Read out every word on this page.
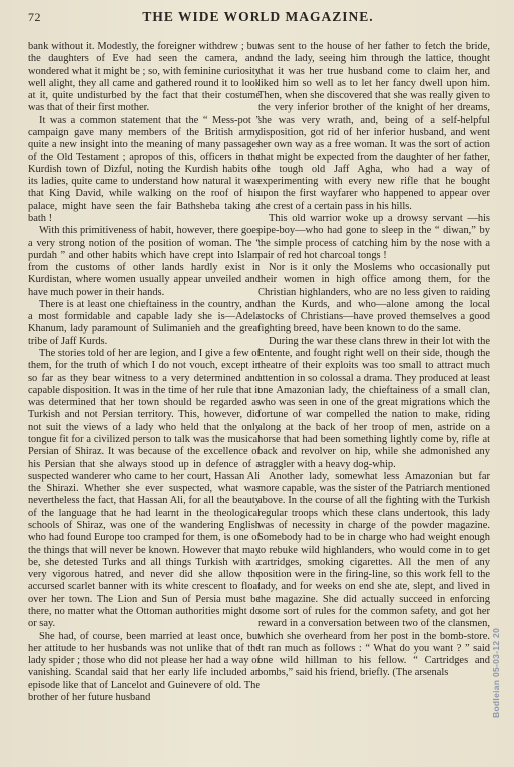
72	THE WIDE WORLD MAGAZINE.

bank without it. Modestly, the foreigner withdrew ; but the daughters of Eve had seen the camera, and wondered what it might be ; so, with feminine curiosity well alight, they all came and gathered round it to look at it, quite undisturbed by the fact that their costume was that of their first mother.

It was a common statement that the “ Mess-pot ” campaign gave many members of the British army quite a new insight into the meaning of many passages of the Old Testament ; apropos of this, officers in the Kurdish town of Dizful, noting the Kurdish habits of its ladies, quite came to understand how natural it was that King David, while walking on the roof of his palace, might have seen the fair Bathsheba taking a bath !

With this primitiveness of habit, however, there goes a very strong notion of the position of woman. The “ purdah ” and other habits which have crept into Islam from the customs of other lands hardly exist in Kurdistan, where women usually appear unveiled and have much power in their hands.

There is at least one chieftainess in the country, and a most formidable and capable lady she is—Adela Khanum, lady paramount of Sulimanieh and the great tribe of Jaff Kurds.

The stories told of her are legion, and I give a few of them, for the truth of which I do not vouch, except in so far as they bear witness to a very determined and capable disposition. It was in the time of her rule that it was determined that her town should be regarded as Turkish and not Persian territory. This, however, did not suit the views of a lady who held that the only tongue fit for a civilized person to talk was the musical Persian of Shiraz. It was because of the excellence of his Persian that she always stood up in defence of a suspected wanderer who came to her court, Hassan Ali the Shirazi. Whether she ever suspected, what was nevertheless the fact, that Hassan Ali, for all the beauty of the language that he had learnt in the theological schools of Shiraz, was one of the wandering English who had found Europe too cramped for them, is one of the things that will never be known. However that may be, she detested Turks and all things Turkish with a very vigorous hatred, and never did she allow the accursed scarlet banner with its white crescent to float over her town. The Lion and Sun of Persia must be there, no matter what the Ottoman authorities might do or say.

She had, of course, been married at least once, but her attitude to her husbands was not unlike that of the lady spider ; those who did not please her had a way of vanishing. Scandal said that her early life included an episode like that of Lancelot and Guinevere of old. The brother of her future husband

was sent to the house of her father to fetch the bride, and the lady, seeing him through the lattice, thought that it was her true husband come to claim her, and liked him so well as to let her fancy dwell upon him. Then, when she discovered that she was really given to the very inferior brother of the knight of her dreams, she was very wrath, and, being of a self-helpful disposition, got rid of her inferior husband, and went her own way as a free woman. It was the sort of action that might be expected from the daughter of her father, the tough old Jaff Agha, who had a way of experimenting with every new rifle that he bought upon the first wayfarer who happened to appear over the crest of a certain pass in his hills.

This old warrior woke up a drowsy servant —his pipe-boy—who had gone to sleep in the “ diwan,” by the simple process of catching him by the nose with a pair of red hot charcoal tongs !

Nor is it only the Moslems who occasionally put their women in high office among them, for the Christian highlanders, who are no less given to raiding than the Kurds, and who—alone among the local stocks of Christians—have proved themselves a good fighting breed, have been known to do the same.

During the war these clans threw in their lot with the Entente, and fought right well on their side, though the theatre of their exploits was too small to attract much attention in so colossal a drama. They produced at least one Amazonian lady, the chieftainess of a small clan, who was seen in one of the great migrations which the fortune of war compelled the nation to make, riding along at the back of her troop of men, astride on a horse that had been something lightly come by, rifle at back and revolver on hip, while she admonished any straggler with a heavy dog-whip.

Another lady, somewhat less Amazonian but far more capable, was the sister of the Patriarch mentioned above. In the course of all the fighting with the Turkish regular troops which these clans undertook, this lady was of necessity in charge of the powder magazine. Somebody had to be in charge who had weight enough to rebuke wild highlanders, who would come in to get cartridges, smoking cigarettes. All the men of any position were in the firing-line, so this work fell to the lady, and for weeks on end she ate, slept, and lived in the magazine. She did actually succeed in enforcing some sort of rules for the common safety, and got her reward in a conversation between two of the clansmen, which she overheard from her post in the bomb-store. It ran much as follows : “ What do you want ? ” said one wild hillman to his fellow. “ Cartridges and bombs,” said his friend, briefly. (The arsenals	Bodleian 05-03-12 20
